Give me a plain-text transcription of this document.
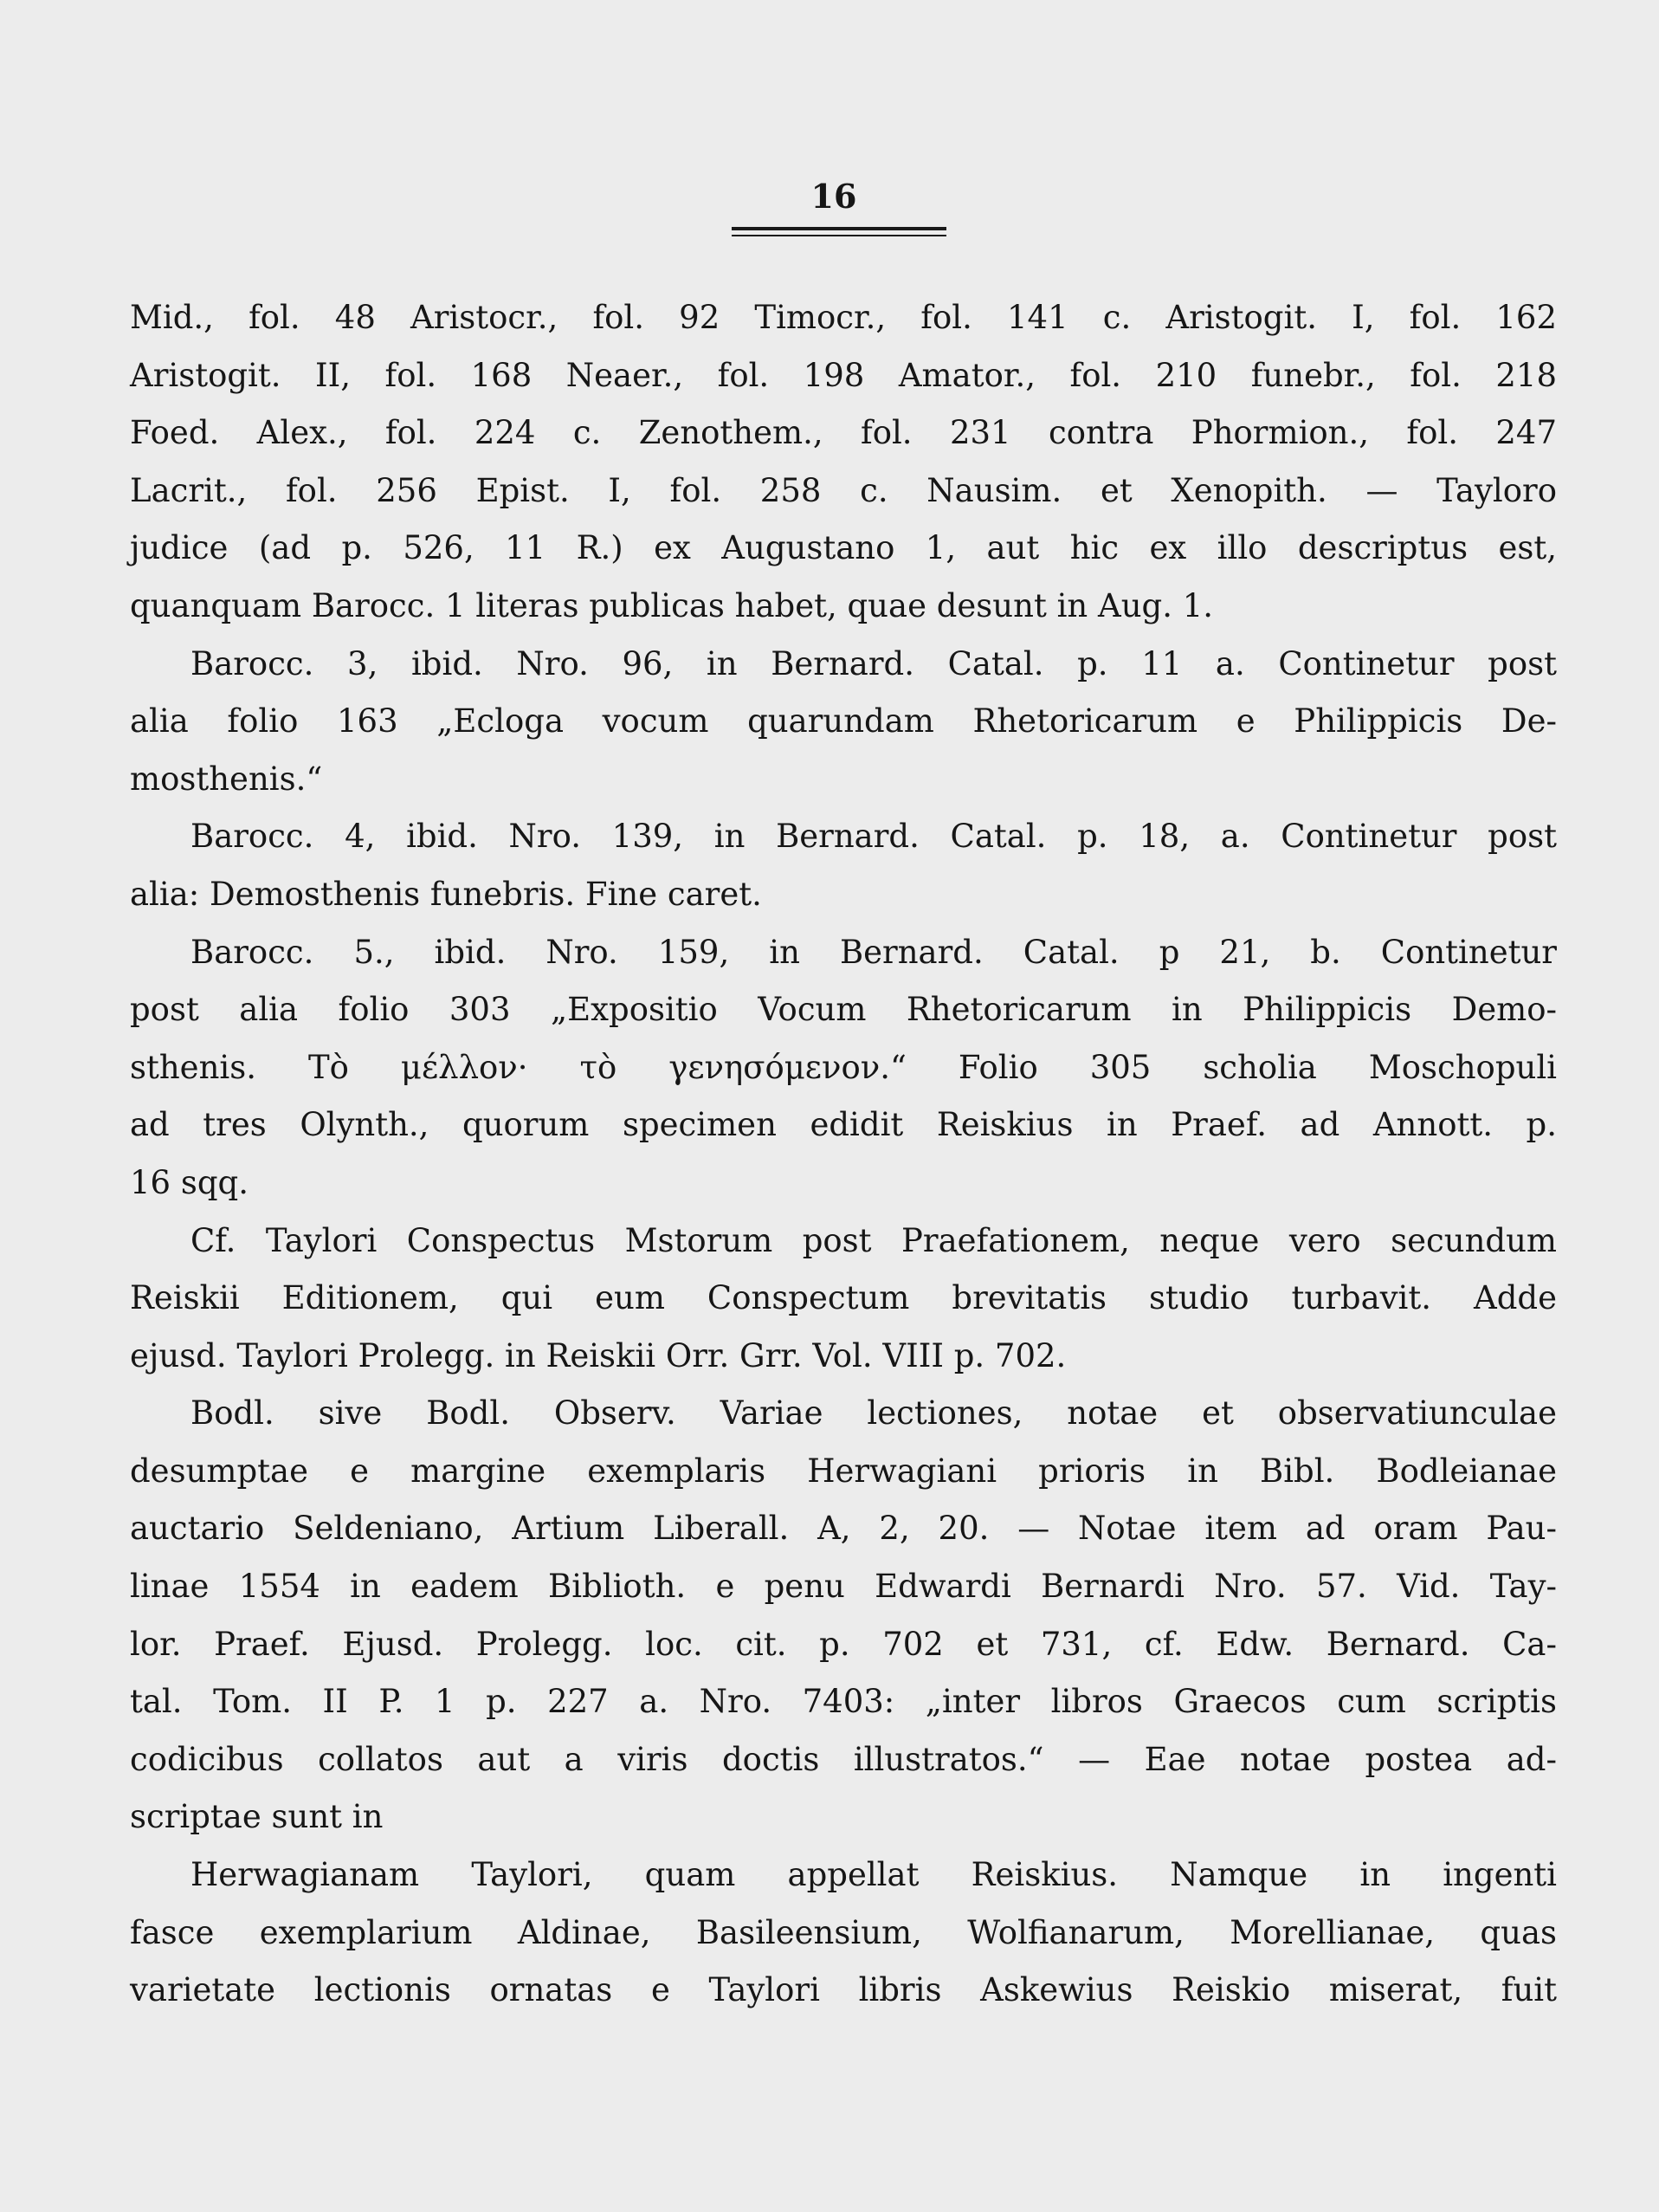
16
Mid., fol. 48 Aristocr., fol. 92 Timocr., fol. 141 c. Aristogit. I, fol. 162
Aristogit. II, fol. 168 Neaer., fol. 198 Amator., fol. 210 funebr., fol. 218
Foed. Alex., fol. 224 c. Zenothem., fol. 231 contra Phormion., fol. 247
Lacrit., fol. 256 Epist. I, fol. 258 c. Nausim. et Xenopith. — Tayloro
judice (ad p. 526, 11 R.) ex Augustano 1, aut hic ex illo descriptus est,
quanquam Barocc. 1 literas publicas habet, quae desunt in Aug. 1.
Barocc. 3, ibid. Nro. 96, in Bernard. Catal. p. 11 a. Continetur post
alia folio 163 „Ecloga vocum quarundam Rhetoricarum e Philippicis De-
mosthenis.“
Barocc. 4, ibid. Nro. 139, in Bernard. Catal. p. 18, a. Continetur post
alia: Demosthenis funebris. Fine caret.
Barocc. 5., ibid. Nro. 159, in Bernard. Catal. p 21, b. Continetur
post alia folio 303 „Expositio Vocum Rhetoricarum in Philippicis Demo-
sthenis. Τὸ μέλλον· τὸ γενησόμενον.“ Folio 305 scholia Moschopuli
ad tres Olynth., quorum specimen edidit Reiskius in Praef. ad Annott. p.
16 sqq.
Cf. Taylori Conspectus Mstorum post Praefationem, neque vero secundum
Reiskii Editionem, qui eum Conspectum brevitatis studio turbavit. Adde
ejusd. Taylori Prolegg. in Reiskii Orr. Grr. Vol. VIII p. 702.
Bodl. sive Bodl. Observ. Variae lectiones, notae et observatiunculae
desumptae e margine exemplaris Herwagiani prioris in Bibl. Bodleianae
auctario Seldeniano, Artium Liberall. A, 2, 20. — Notae item ad oram Pau-
linae 1554 in eadem Biblioth. e penu Edwardi Bernardi Nro. 57. Vid. Tay-
lor. Praef. Ejusd. Prolegg. loc. cit. p. 702 et 731, cf. Edw. Bernard. Ca-
tal. Tom. II P. 1 p. 227 a. Nro. 7403: „inter libros Graecos cum scriptis
codicibus collatos aut a viris doctis illustratos.“ — Eae notae postea ad-
scriptae sunt in
Herwagianam Taylori, quam appellat Reiskius. Namque in ingenti
fasce exemplarium Aldinae, Basileensium, Wolfianarum, Morellianae, quas
varietate lectionis ornatas e Taylori libris Askewius Reiskio miserat, fuit
